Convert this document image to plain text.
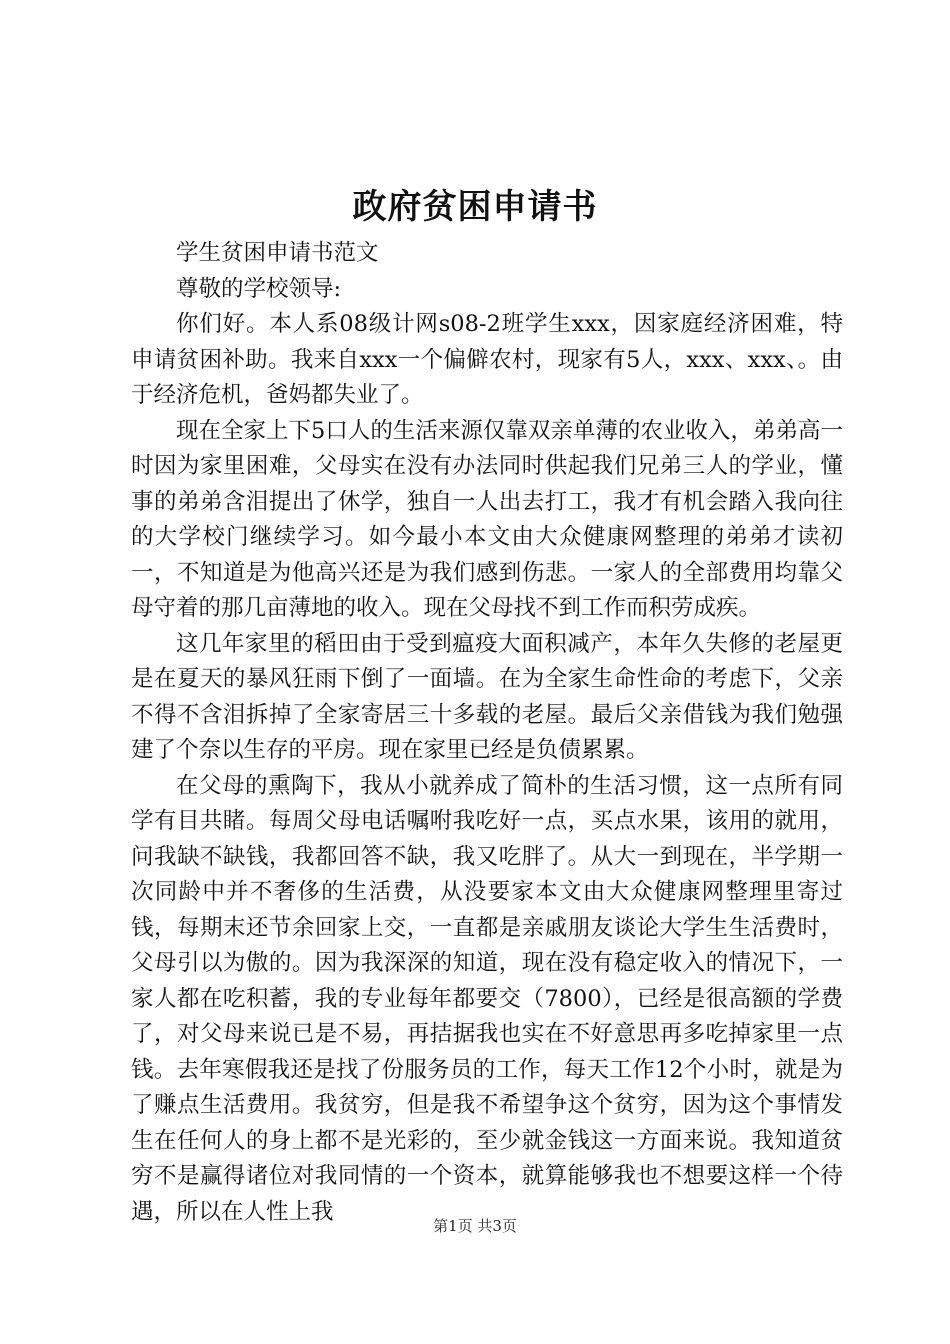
政府贫困申请书

学生贫困申请书范文

尊敬的学校领导:

你们好。本人系08级计网s08-2班学生xxx，因家庭经济困难，特申请贫困补助。我来自xxx一个偏僻农村，现家有5人，xxx、xxx、。由于经济危机，爸妈都失业了。

现在全家上下5口人的生活来源仅靠双亲单薄的农业收入，弟弟高一时因为家里困难，父母实在没有办法同时供起我们兄弟三人的学业，懂事的弟弟含泪提出了休学，独自一人出去打工，我才有机会踏入我向往的大学校门继续学习。如今最小本文由大众健康网整理的弟弟才读初一，不知道是为他高兴还是为我们感到伤悲。一家人的全部费用均靠父母守着的那几亩薄地的收入。现在父母找不到工作而积劳成疾。

这几年家里的稻田由于受到瘟疫大面积减产，本年久失修的老屋更是在夏天的暴风狂雨下倒了一面墙。在为全家生命性命的考虑下，父亲不得不含泪拆掉了全家寄居三十多载的老屋。最后父亲借钱为我们勉强建了个奈以生存的平房。现在家里已经是负债累累。

在父母的熏陶下，我从小就养成了简朴的生活习惯，这一点所有同学有目共睹。每周父母电话嘱咐我吃好一点，买点水果，该用的就用，问我缺不缺钱，我都回答不缺，我又吃胖了。从大一到现在，半学期一次同龄中并不奢侈的生活费，从没要家本文由大众健康网整理里寄过钱，每期末还节余回家上交，一直都是亲戚朋友谈论大学生生活费时，父母引以为傲的。因为我深深的知道，现在没有稳定收入的情况下，一家人都在吃积蓄，我的专业每年都要交（7800），已经是很高额的学费了，对父母来说已是不易，再拮据我也实在不好意思再多吃掉家里一点钱。去年寒假我还是找了份服务员的工作，每天工作12个小时，就是为了赚点生活费用。我贫穷，但是我不希望争这个贫穷，因为这个事情发生在任何人的身上都不是光彩的，至少就金钱这一方面来说。我知道贫穷不是赢得诸位对我同情的一个资本，就算能够我也不想要这样一个待遇，所以在人性上我

第1页 共3页
